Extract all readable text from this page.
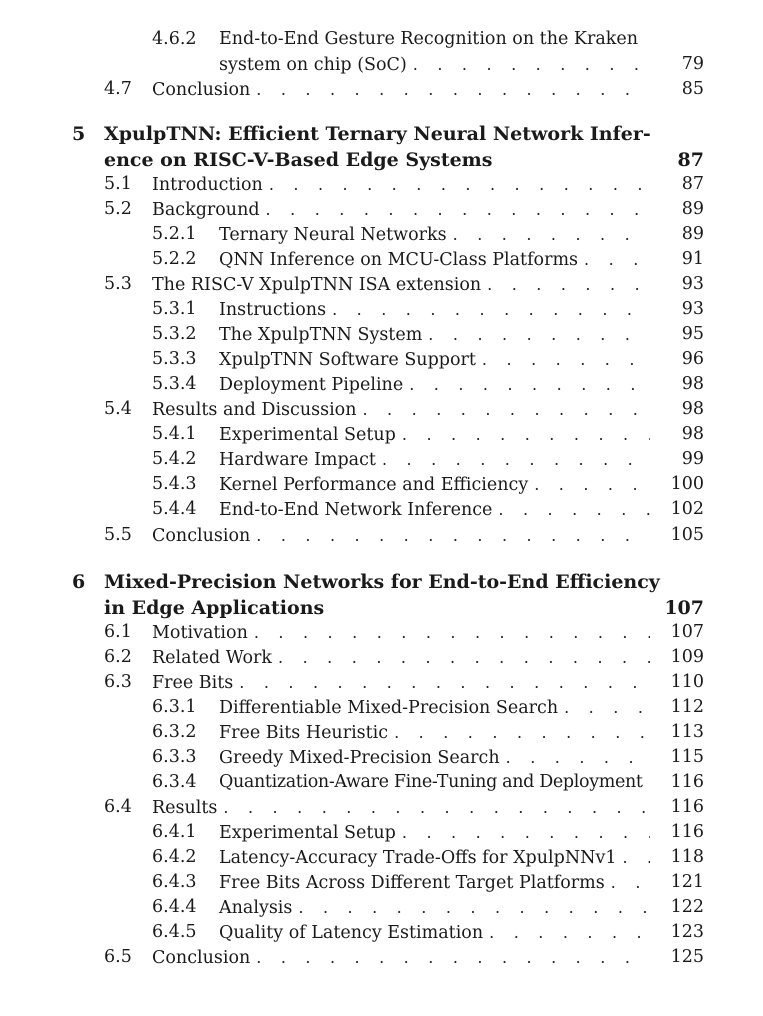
4.6.2 End-to-End Gesture Recognition on the Kraken
system on chip (SoC) . . .	79
4.7 Conclusion . . .	85
5 XpulpTNN: Efficient Ternary Neural Network Infer-
ence on RISC-V-Based Edge Systems	87
5.1 Introduction . . .	87
5.2 Background . . .	89
5.2.1 Ternary Neural Networks . . .	89
5.2.2 QNN Inference on MCU-Class Platforms . . .	91
5.3 The RISC-V XpulpTNN ISA extension . . .	93
5.3.1 Instructions . . .	93
5.3.2 The XpulpTNN System . . .	95
5.3.3 XpulpTNN Software Support . . .	96
5.3.4 Deployment Pipeline . . .	98
5.4 Results and Discussion . . .	98
5.4.1 Experimental Setup . . .	98
5.4.2 Hardware Impact . . .	99
5.4.3 Kernel Performance and Efficiency . . .	100
5.4.4 End-to-End Network Inference . . .	102
5.5 Conclusion . . .	105
6 Mixed-Precision Networks for End-to-End Efficiency
in Edge Applications	107
6.1 Motivation . . .	107
6.2 Related Work . . .	109
6.3 Free Bits . . .	110
6.3.1 Differentiable Mixed-Precision Search . . .	112
6.3.2 Free Bits Heuristic . . .	113
6.3.3 Greedy Mixed-Precision Search . . .	115
6.3.4 Quantization-Aware Fine-Tuning and Deployment 116
6.4 Results . . .	116
6.4.1 Experimental Setup . . .	116
6.4.2 Latency-Accuracy Trade-Offs for XpulpNNv1 . . .	118
6.4.3 Free Bits Across Different Target Platforms . . .	121
6.4.4 Analysis . . .	122
6.4.5 Quality of Latency Estimation . . .	123
6.5 Conclusion . . .	125
